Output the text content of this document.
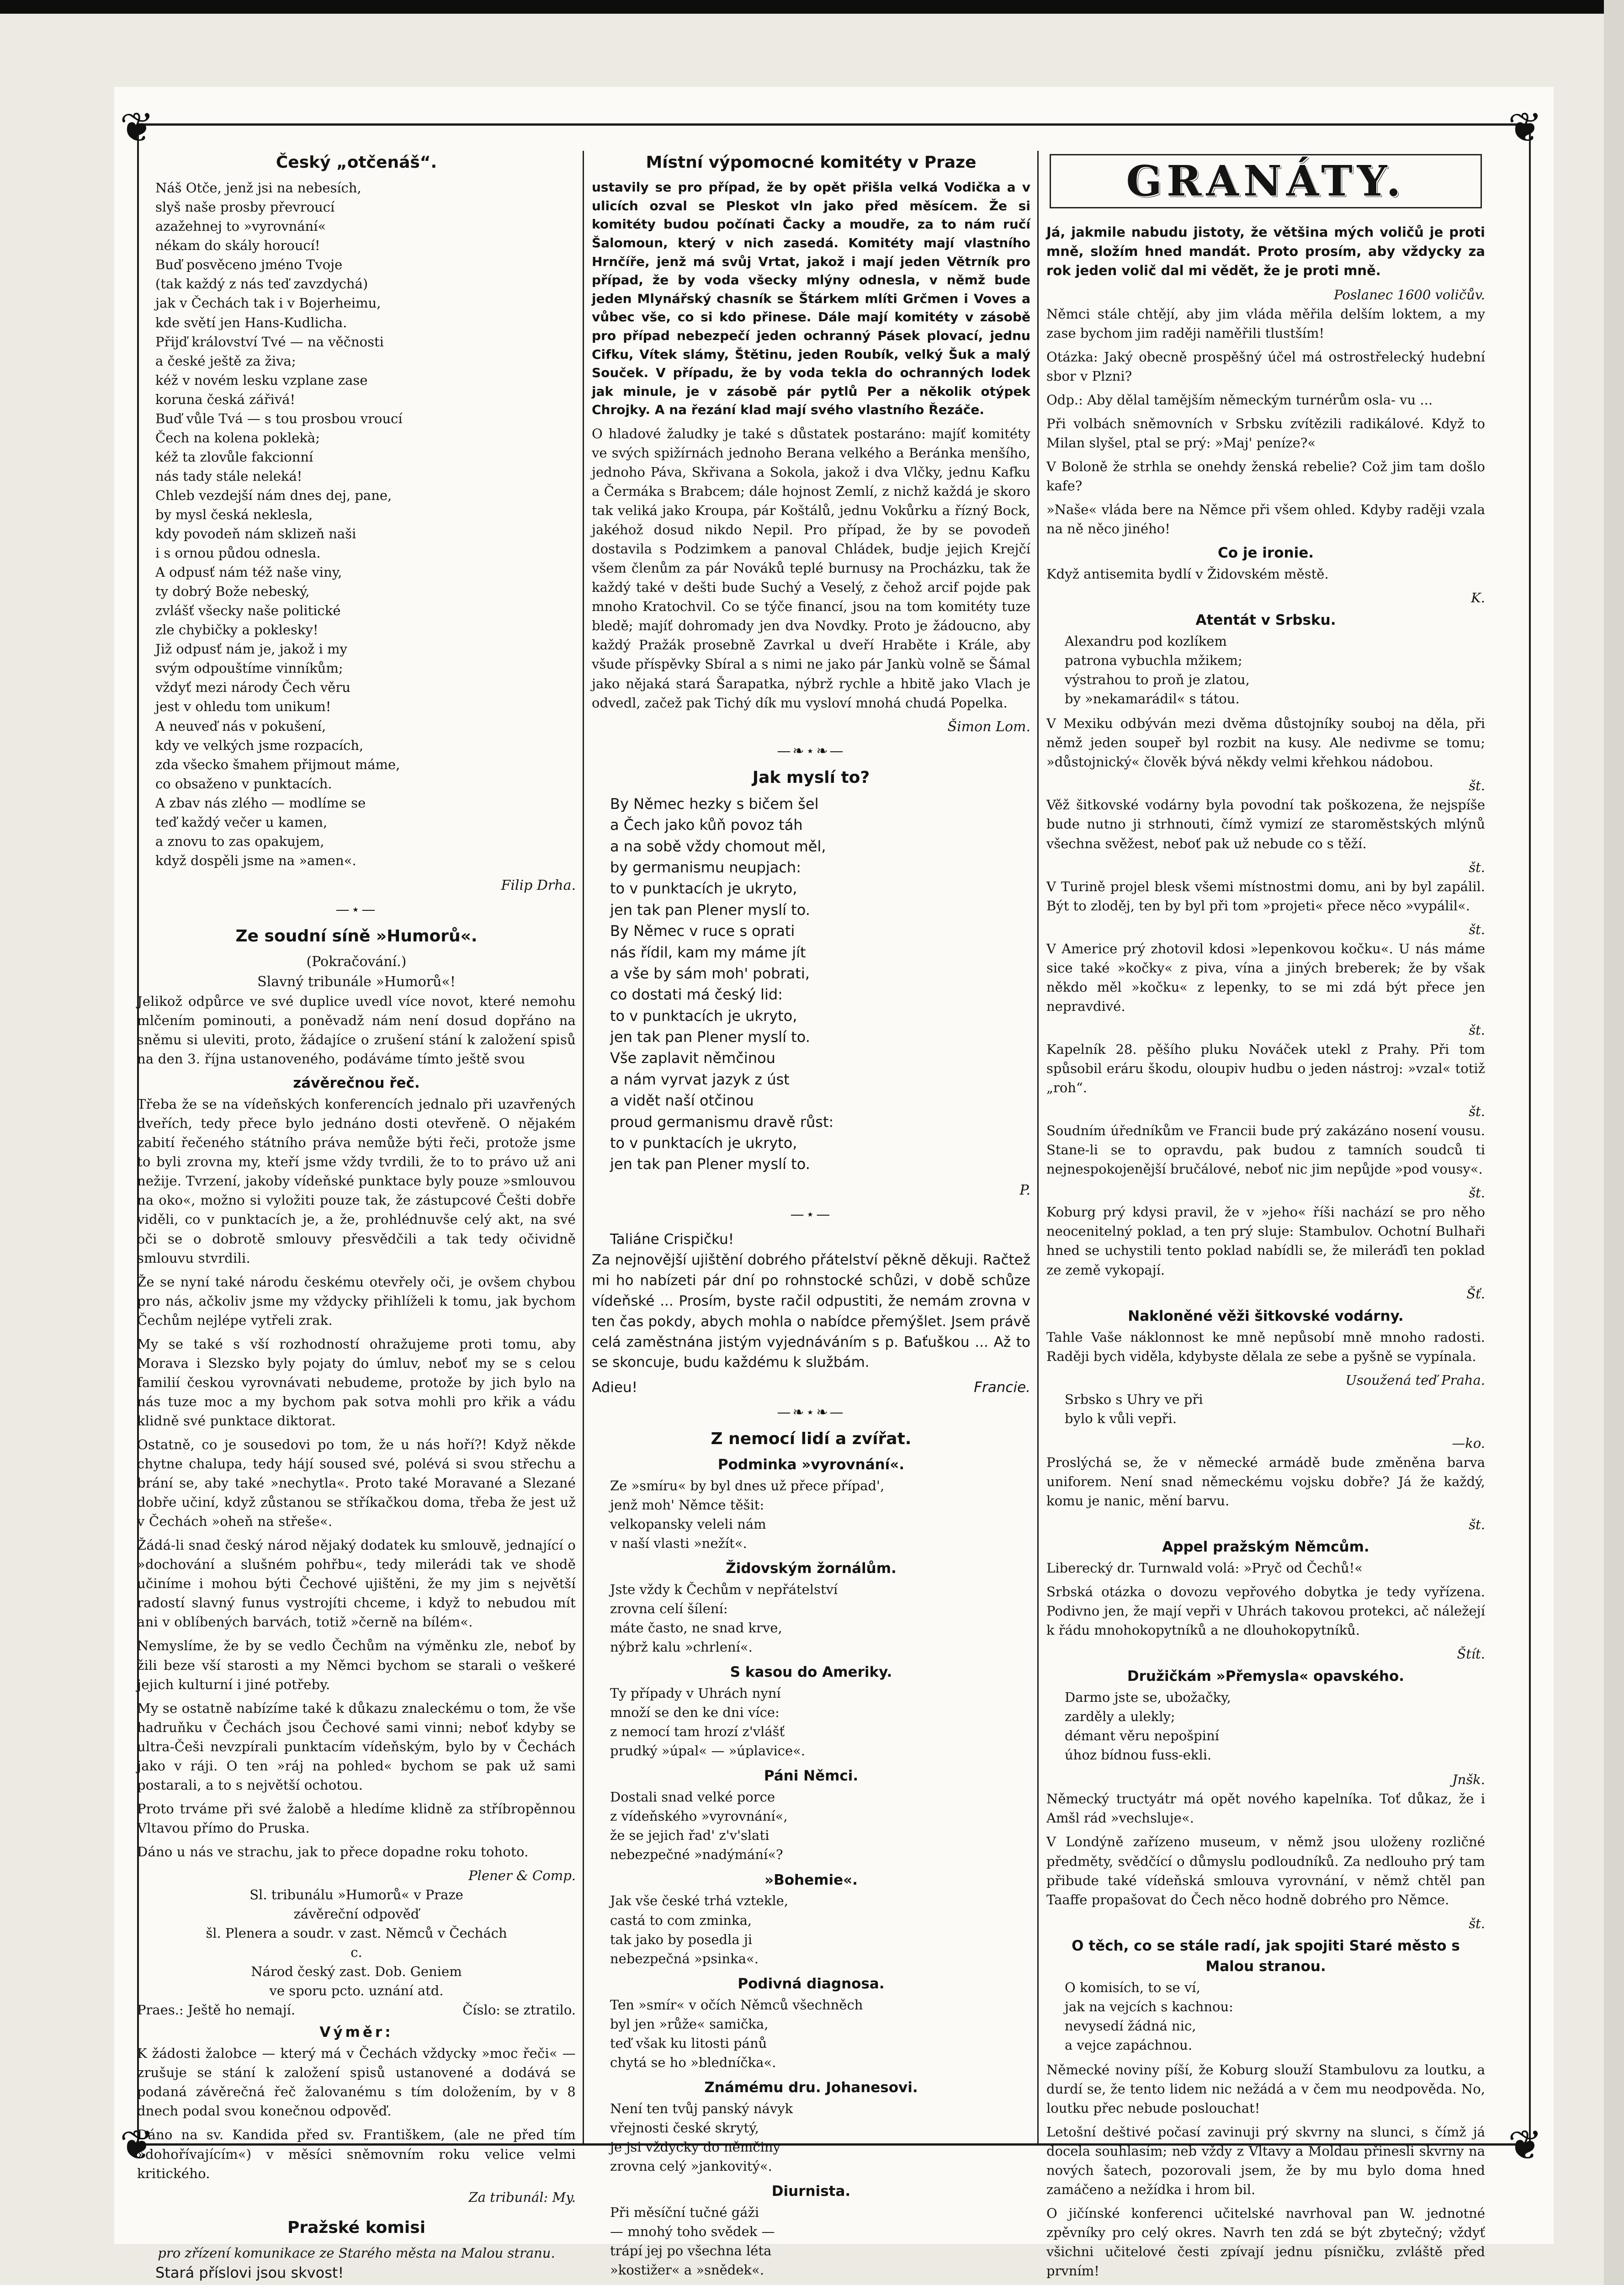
❦	❦
❦	❦
Český „otčenáš“.
Náš Otče, jenž jsi na nebesích,
slyš naše prosby převroucí
azažehnej to »vyrovnání«
nékam do skály horoucí!
Buď posvěceno jméno Tvoje
(tak každý z nás teď zavzdychá)
jak v Čechách tak i v Bojerheimu,
kde světí jen Hans-Kudlicha.
Přijď království Tvé — na věčnosti
a české ještě za živa;
kéž v novém lesku vzplane zase
koruna česká zářivá!
Buď vůle Tvá — s tou prosbou vroucí
Čech na kolena poklekà;
kéž ta zlovůle fakcionní
nás tady stále neleká!
Chleb vezdejší nám dnes dej, pane,
by mysl česká neklesla,
kdy povodeň nám sklizeň naši
i s ornou půdou odnesla.
A odpusť nám též naše viny,
ty dobrý Bože nebeský,
zvlášť všecky naše politické
zle chybičky a poklesky!
Již odpusť nám je, jakož i my
svým odpouštíme vinníkům;
vždyť mezi národy Čech věru
jest v ohledu tom unikum!
A neuveď nás v pokušení,
kdy ve velkých jsme rozpacích,
zda všecko šmahem přijmout máme,
co obsaženo v punktacích.
A zbav nás zlého — modlíme se
teď každý večer u kamen,
a znovu to zas opakujem,
když dospěli jsme na »amen«.
Filip Drha.
—⋆—
Ze soudní síně »Humorů«.
(Pokračování.)
Slavný tribunále »Humorů«!

Jelikož odpůrce ve své duplice uvedl více novot, které nemohu mlčením pominouti, a poněvadž nám není dosud dopřáno na sněmu si uleviti, proto, žádajíce o zrušení stání k založení spisů na den 3. října ustanoveného, podáváme tímto ještě svou

závěrečnou řeč.

Třeba že se na vídeňských konferencích jednalo při uzavřených dveřích, tedy přece bylo jednáno dosti otevřeně. O nějakém zabití řečeného státního práva nemůže býti řeči, protože jsme to byli zrovna my, kteří jsme vždy tvrdili, že to to právo už ani nežije. Tvrzení, jakoby vídeňské punktace byly pouze »smlouvou na oko«, možno si vyložiti pouze tak, že zástupcové Češti dobře viděli, co v punktacích je, a že, prohlédnuvše celý akt, na své oči se o dobrotě smlouvy přesvědčili a tak tedy očividně smlouvu stvrdili.

Že se nyní také národu českému otevřely oči, je ovšem chybou pro nás, ačkoliv jsme my vždycky přihlíželi k tomu, jak bychom Čechům nejlépe vytřeli zrak.

My se také s vší rozhodností ohražujeme proti tomu, aby Morava i Slezsko byly pojaty do úmluv, neboť my se s celou familií českou vyrovnávati nebudeme, protože by jich bylo na nás tuze moc a my bychom pak sotva mohli pro křik a vádu klidně své punktace diktorat.

Ostatně, co je sousedovi po tom, že u nás hoří?! Když někde chytne chalupa, tedy hájí soused své, polévá si svou střechu a brání se, aby také »nechytla«. Proto také Moravané a Slezané dobře učiní, když zůstanou se stříkačkou doma, třeba že jest už v Čechách »oheň na střeše«.

Žádá-li snad český národ nějaký dodatek ku smlouvě, jednající o »dochování a slušném pohřbu«, tedy milerádi tak ve shodě učiníme i mohou býti Čechové ujištěni, že my jim s největší radostí slavný funus vystrojíti chceme, i když to nebudou mít ani v oblíbených barvách, totiž »černě na bílém«.

Nemyslíme, že by se vedlo Čechům na výměnku zle, neboť by žili beze vší starosti a my Němci bychom se starali o veškeré jejich kulturní i jiné potřeby.

My se ostatně nabízíme také k důkazu znaleckému o tom, že vše hadruňku v Čechách jsou Čechové sami vinni; neboť kdyby se ultra-Češi nevzpírali punktacím vídeňským, bylo by v Čechách jako v ráji. O ten »ráj na pohled« bychom se pak už sami postarali, a to s největší ochotou.

Proto trváme při své žalobě a hledíme klidně za stříbropěnnou Vltavou přímo do Pruska.

Dáno u nás ve strachu, jak to přece dopadne roku tohoto.

Plener & Comp.
Sl. tribunálu »Humorů« v Praze
závěreční odpověď
šl. Plenera a soudr. v zast. Němců v Čechách
c.
Národ český zast. Dob. Geniem
ve sporu pcto. uznání atd.
Praes.: Ještě ho nemají.	Číslo: se ztratilo.
Výměr:

K žádosti žalobce — který má v Čechách vždycky »moc řeči« — zrušuje se stání k založení spisů ustanovené a dodává se podaná závěrečná řeč žalovanému s tím doložením, by v 8 dnech podal svou konečnou odpověď.

Dáno na sv. Kandida před sv. Františkem, (ale ne před tím »dohořívajícím«) v měsíci sněmovním roku velice velmi kritického.

Za tribunál: My.
Pražské komisi
pro zřízení komunikace ze Starého města na Malou stranu.
Stará příslovi jsou skvost!

Místní výpomocné komitéty v Praze

ustavily se pro případ, že by opět přišla velká Vodička a v ulicích ozval se Pleskot vln jako před měsícem. Že si komitéty budou počínati Čacky a moudře, za to nám ručí Šalomoun, který v nich zasedá. Komitéty mají vlastního Hrnčíře, jenž má svůj Vrtat, jakož i mají jeden Větrník pro případ, že by voda všecky mlýny odnesla, v němž bude jeden Mlynářský chasník se Štárkem mlíti Grčmen i Voves a vůbec vše, co si kdo přinese. Dále mají komitéty v zásobě pro případ nebezpečí jeden ochranný Pásek plovací, jednu Cifku, Vítek slámy, Štětinu, jeden Roubík, velký Šuk a malý Souček. V případu, že by voda tekla do ochranných lodek jak minule, je v zásobě pár pytlů Per a několik otýpek Chrojky. A na řezání klad mají svého vlastního Řezáče.

O hladové žaludky je také s důstatek postaráno: majíť komitéty ve svých spižírnách jednoho Berana velkého a Beránka menšího, jednoho Páva, Skřivana a Sokola, jakož i dva Vlčky, jednu Kafku a Čermáka s Brabcem; dále hojnost Zemlí, z nichž každá je skoro tak veliká jako Kroupa, pár Koštálů, jednu Vokůrku a řízný Bock, jakéhož dosud nikdo Nepil. Pro případ, že by se povodeň dostavila s Podzimkem a panoval Chládek, budje jejich Krejčí všem členům za pár Nováků teplé burnusy na Procházku, tak že každý také v dešti bude Suchý a Veselý, z čehož arcif pojde pak mnoho Kratochvil. Co se týče financí, jsou na tom komitéty tuze bledě; majíť dohromady jen dva Novdky. Proto je žádoucno, aby každý Pražák prosebně Zavrkal u dveří Hraběte i Krále, aby všude příspěvky Sbíral a s nimi ne jako pár Jankù volně se Šámal jako nějaká stará Šarapatka, nýbrž rychle a hbitě jako Vlach je odvedl, začež pak Tichý dík mu vysloví mnohá chudá Popelka.

Šimon Lom.
—❧⋆❧—
Jak myslí to?
By Němec hezky s bičem šel
a Čech jako kůň povoz táh
a na sobě vždy chomout měl,
by germanismu neupjach:
to v punktacích je ukryto,
jen tak pan Plener myslí to.
By Němec v ruce s oprati
nás řídil, kam my máme jít
a vše by sám moh' pobrati,
co dostati má český lid:
to v punktacích je ukryto,
jen tak pan Plener myslí to.
Vše zaplavit němčinou
a nám vyrvat jazyk z úst
a vidět naší otčinou
proud germanismu dravě růst:
to v punktacích je ukryto,
jen tak pan Plener myslí to.
P.
—⋆—
Taliáne Crispičku!

Za nejnovější ujištění dobrého přátelství pěkně děkuji. Račtež mi ho nabízeti pár dní po rohnstocké schůzi, v době schůze vídeňské ... Prosím, byste račil odpustiti, že nemám zrovna v ten čas pokdy, abych mohla o nabídce přemýšlet. Jsem právě celá zaměstnána jistým vyjednáváním s p. Baťuškou ... Až to se skoncuje, budu každému k službám.

Adieu!	Francie.
—❧⋆❧—
Z nemocí lidí a zvířat.
Podminka »vyrovnání«.
Ze »smíru« by byl dnes už přece případ',
jenž moh' Němce těšit:
velkopansky veleli nám
v naší vlasti »nežít«.
Židovským žornálům.
Jste vždy k Čechům v nepřátelství
zrovna celí šílení:
máte často, ne snad krve,
nýbrž kalu »chrlení«.
S kasou do Ameriky.
Ty případy v Uhrách nyní
množí se den ke dni více:
z nemocí tam hrozí z'vlášť
prudký »úpal« — »úplavice«.
Páni Němci.
Dostali snad velké porce
z vídeňského »vyrovnání«,
že se jejich řad' z'v'slati
nebezpečné »nadýmání«?
»Bohemie«.
Jak vše české trhá vztekle,
castá to com zminka,
tak jako by posedla ji
nebezpečná »psinka«.
Podivná diagnosa.
Ten »smír« v očích Němců všechněch
byl jen »růže« samička,
teď však ku litosti pánů
chytá se ho »bledníčka«.
Známému dru. Johanesovi.
Není ten tvůj panský návyk
vřejnosti české skrytý,
je jsi vždycky do němčiny
zrovna celý »jankovitý«.
Diurnista.
Při měsíční tučné gáži
— mnohý toho svědek —
trápí jej po všechna léta
»kostižer« a »snědek«.

GRANÁTY.

Já, jakmile nabudu jistoty, že většina mých voličů je proti mně, složím hned mandát. Proto prosím, aby vždycky za rok jeden volič dal mi vědět, že je proti mně.

Poslanec 1600 voličův.

Němci stále chtějí, aby jim vláda měřila delším loktem, a my zase bychom jim raději naměřili tlustším!

Otázka: Jaký obecně prospěšný účel má ostrostřelecký hudební sbor v Plzni?

Odp.: Aby dělal tamějším německým turnérům osla- vu ...

Při volbách sněmovních v Srbsku zvítězili radikálové. Když to Milan slyšel, ptal se prý: »Maj' peníze?«

V Boloně že strhla se onehdy ženská rebelie? Což jim tam došlo kafe?

»Naše« vláda bere na Němce při všem ohled. Kdyby raději vzala na ně něco jiného!

Co je ironie.

Když antisemita bydlí v Židovském městě.

K.
Atentát v Srbsku.
Alexandru pod kozlíkem
patrona vybuchla mžikem;
výstrahou to proň je zlatou,
by »nekamarádil« s tátou.

V Mexiku odbýván mezi dvěma důstojníky souboj na děla, při němž jeden soupeř byl rozbit na kusy. Ale nedivme se tomu; »důstojnický« člověk bývá někdy velmi křehkou nádobou.

št.

Věž šitkovské vodárny byla povodní tak poškozena, že nejspíše bude nutno ji strhnouti, čímž vymizí ze staroměstských mlýnů všechna svěžest, neboť pak už nebude co s těží.

št.

V Turině projel blesk všemi místnostmi domu, ani by byl zapálil. Být to zloděj, ten by byl při tom »projeti« přece něco »vypálil«.

št.

V Americe prý zhotovil kdosi »lepenkovou kočku«. U nás máme sice také »kočky« z piva, vína a jiných breberek; že by však někdo měl »kočku« z lepenky, to se mi zdá být přece jen nepravdivé.

št.

Kapelník 28. pěšího pluku Nováček utekl z Prahy. Při tom spůsobil eráru škodu, oloupiv hudbu o jeden nástroj: »vzal« totiž „roh“.

št.

Soudním úředníkům ve Francii bude prý zakázáno nosení vousu. Stane-li se to opravdu, pak budou z tamních soudců ti nejnespokojenější bručálové, neboť nic jim nepůjde »pod vousy«.

št.

Koburg prý kdysi pravil, že v »jeho« říši nachází se pro něho neocenitelný poklad, a ten prý sluje: Stambulov. Ochotní Bulhaři hned se uchystili tento poklad nabídli se, že mileráďi ten poklad ze země vykopají.

Šť.
Nakloněné věži šitkovské vodárny.

Tahle Vaše náklonnost ke mně nepůsobí mně mnoho radosti. Raději bych viděla, kdybyste dělala ze sebe a pyšně se vypínala.

Usoužená teď Praha.
Srbsko s Uhry ve při
bylo k vůli vepři.
—ko.

Proslýchá se, že v německé armádě bude změněna barva uniforem. Není snad německému vojsku dobře? Já že každý, komu je nanic, mění barvu.

št.
Appel pražským Němcům.

Liberecký dr. Turnwald volá: »Pryč od Čechů!«

Srbská otázka o dovozu vepřového dobytka je tedy vyřízena. Podivno jen, že mají vepři v Uhrách takovou protekci, ač náležejí k řádu mnohokopytníků a ne dlouhokopytníků.

Štít.
Družičkám »Přemysla« opavského.
Darmo jste se, ubožačky,
zarděly a ulekly;
démant věru nepošpiní
úhoz bídnou fuss-ekli.
Jnšk.

Německý tructyátr má opět nového kapelníka. Toť důkaz, že i Amšl rád »vechsluje«.

V Londýně zařízeno museum, v němž jsou uloženy rozličné předměty, svědčící o důmyslu podloudníků. Za nedlouho prý tam přibude také vídeňská smlouva vyrovnání, v němž chtěl pan Taaffe propašovat do Čech něco hodně dobrého pro Němce.

št.
O těch, co se stále radí, jak spojiti Staré město s Malou stranou.
O komisích, to se ví,
jak na vejcích s kachnou:
nevysedí žádná nic,
a vejce zapáchnou.

Německé noviny píší, že Koburg slouží Stambulovu za loutku, a durdí se, že tento lidem nic nežádá a v čem mu neodpověda. No, loutku přec nebude poslouchat!

Letošní deštivé počasí zavinuji prý skvrny na slunci, s čímž já docela souhlasím; neb vždy z Vltavy a Moldau přinesli skvrny na nových šatech, pozorovali jsem, že by mu bylo doma hned zamáčeno a nežídka i hrom bil.

O jičínské konferenci učitelské navrhoval pan W. jednotné zpěvníky pro celý okres. Navrh ten zdá se být zbytečný; vždyť všichni učitelové česti zpívají jednu písničku, zvláště před prvním!
